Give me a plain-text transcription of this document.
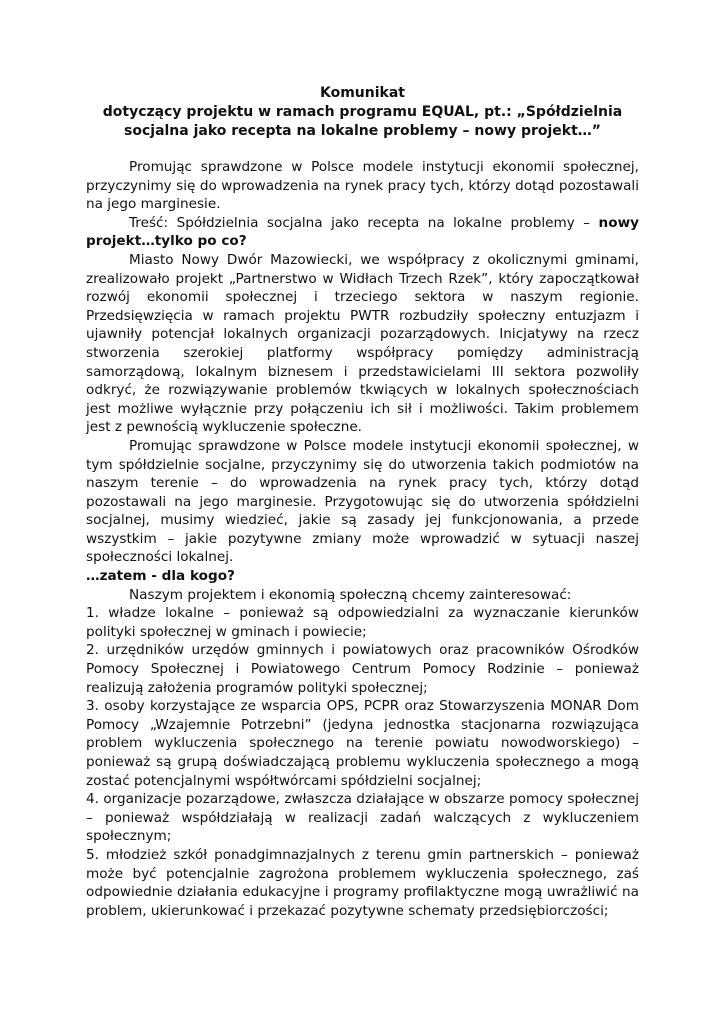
Komunikat
dotyczący projektu w ramach programu EQUAL, pt.: „Spółdzielnia
socjalna jako recepta na lokalne problemy – nowy projekt…”

Promując sprawdzone w Polsce modele instytucji ekonomii społecznej, przyczynimy się do wprowadzenia na rynek pracy tych, którzy dotąd pozostawali na jego marginesie.

Treść: Spółdzielnia socjalna jako recepta na lokalne problemy – nowy projekt…tylko po co?

Miasto Nowy Dwór Mazowiecki, we współpracy z okolicznymi gminami, zrealizowało projekt „Partnerstwo w Widłach Trzech Rzek”, który zapoczątkował rozwój ekonomii społecznej i trzeciego sektora w naszym regionie. Przedsięwzięcia w ramach projektu PWTR rozbudziły społeczny entuzjazm i ujawniły potencjał lokalnych organizacji pozarządowych. Inicjatywy na rzecz stworzenia szerokiej platformy współpracy pomiędzy administracją samorządową, lokalnym biznesem i przedstawicielami III sektora pozwoliły odkryć, że rozwiązywanie problemów tkwiących w lokalnych społecznościach jest możliwe wyłącznie przy połączeniu ich sił i możliwości. Takim problemem jest z pewnością wykluczenie społeczne.

Promując sprawdzone w Polsce modele instytucji ekonomii społecznej, w tym spółdzielnie socjalne, przyczynimy się do utworzenia takich podmiotów na naszym terenie – do wprowadzenia na rynek pracy tych, którzy dotąd pozostawali na jego marginesie. Przygotowując się do utworzenia spółdzielni socjalnej, musimy wiedzieć, jakie są zasady jej funkcjonowania, a przede wszystkim – jakie pozytywne zmiany może wprowadzić w sytuacji naszej społeczności lokalnej.

…zatem - dla kogo?

Naszym projektem i ekonomią społeczną chcemy zainteresować:

1. władze lokalne – ponieważ są odpowiedzialni za wyznaczanie kierunków polityki społecznej w gminach i powiecie;

2. urzędników urzędów gminnych i powiatowych oraz pracowników Ośrodków Pomocy Społecznej i Powiatowego Centrum Pomocy Rodzinie – ponieważ realizują założenia programów polityki społecznej;

3. osoby korzystające ze wsparcia OPS, PCPR oraz Stowarzyszenia MONAR Dom Pomocy „Wzajemnie Potrzebni” (jedyna jednostka stacjonarna rozwiązująca problem wykluczenia społecznego na terenie powiatu nowodworskiego) – ponieważ są grupą doświadczającą problemu wykluczenia społecznego a mogą zostać potencjalnymi współtwórcami spółdzielni socjalnej;

4. organizacje pozarządowe, zwłaszcza działające w obszarze pomocy społecznej – ponieważ współdziałają w realizacji zadań walczących z wykluczeniem społecznym;

5. młodzież szkół ponadgimnazjalnych z terenu gmin partnerskich – ponieważ może być potencjalnie zagrożona problemem wykluczenia społecznego, zaś odpowiednie działania edukacyjne i programy profilaktyczne mogą uwrażliwić na problem, ukierunkować i przekazać pozytywne schematy przedsiębiorczości;
